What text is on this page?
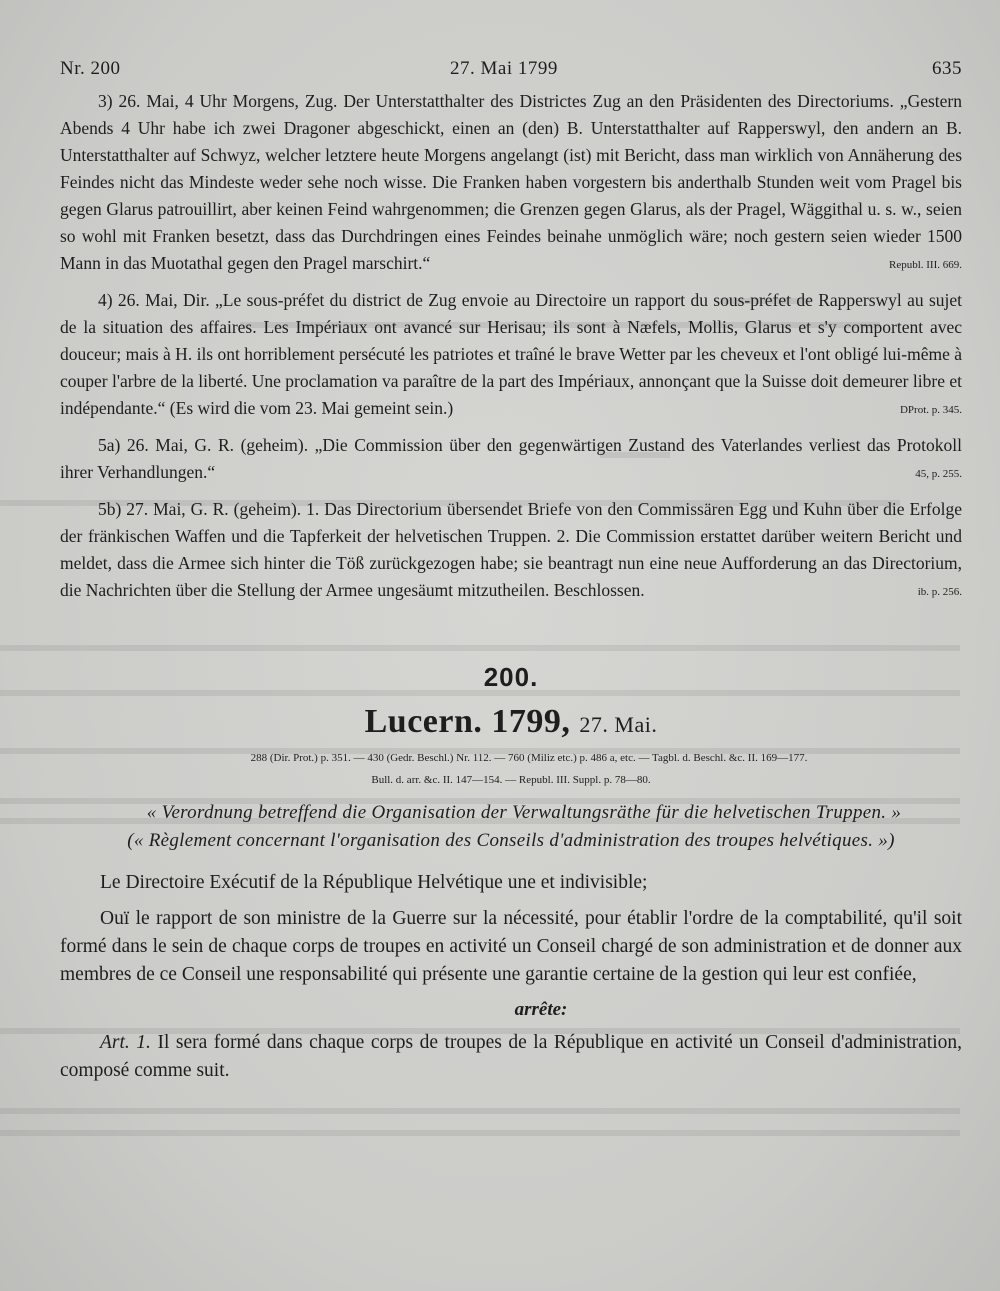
Nr. 200	27. Mai 1799	635

3) 26. Mai, 4 Uhr Morgens, Zug. Der Unterstatthalter des Districtes Zug an den Präsidenten des Directoriums. „Gestern Abends 4 Uhr habe ich zwei Dragoner abgeschickt, einen an (den) B. Unterstatthalter auf Rapperswyl, den andern an B. Unterstatthalter auf Schwyz, welcher letztere heute Morgens angelangt (ist) mit Bericht, dass man wirklich von Annäherung des Feindes nicht das Mindeste weder sehe noch wisse. Die Franken haben vorgestern bis anderthalb Stunden weit vom Pragel bis gegen Glarus patrouillirt, aber keinen Feind wahrgenommen; die Grenzen gegen Glarus, als der Pragel, Wäggithal u. s. w., seien so wohl mit Franken besetzt, dass das Durchdringen eines Feindes beinahe unmöglich wäre; noch gestern seien wieder 1500 Mann in das Muotathal gegen den Pragel marschirt.“	Republ. III. 669.

4) 26. Mai, Dir. „Le sous-préfet du district de Zug envoie au Directoire un rapport du sous-préfet de Rapperswyl au sujet de la situation des affaires. Les Impériaux ont avancé sur Herisau; ils sont à Næfels, Mollis, Glarus et s'y comportent avec douceur; mais à H. ils ont horriblement persécuté les patriotes et traîné le brave Wetter par les cheveux et l'ont obligé lui-même à couper l'arbre de la liberté. Une proclamation va paraître de la part des Impériaux, annonçant que la Suisse doit demeurer libre et indépendante.“ (Es wird die vom 23. Mai gemeint sein.)	DProt. p. 345.

5a) 26. Mai, G. R. (geheim). „Die Commission über den gegenwärtigen Zustand des Vaterlandes verliest das Protokoll ihrer Verhandlungen.“	45, p. 255.

5b) 27. Mai, G. R. (geheim). 1. Das Directorium übersendet Briefe von den Commissären Egg und Kuhn über die Erfolge der fränkischen Waffen und die Tapferkeit der helvetischen Truppen. 2. Die Commission erstattet darüber weitern Bericht und meldet, dass die Armee sich hinter die Töß zurückgezogen habe; sie beantragt nun eine neue Aufforderung an das Directorium, die Nachrichten über die Stellung der Armee ungesäumt mitzutheilen. Beschlossen.	ib. p. 256.

200.
Lucern. 1799, 27. Mai.
288 (Dir. Prot.) p. 351. — 430 (Gedr. Beschl.) Nr. 112. — 760 (Miliz etc.) p. 486 a, etc. — Tagbl. d. Beschl. &c. II. 169—177.
Bull. d. arr. &c. II. 147—154. — Republ. III. Suppl. p. 78—80.
« Verordnung betreffend die Organisation der Verwaltungsräthe für die helvetischen Truppen. »
(« Règlement concernant l'organisation des Conseils d'administration des troupes helvétiques. »)

Le Directoire Exécutif de la République Helvétique une et indivisible;

Ouï le rapport de son ministre de la Guerre sur la nécessité, pour établir l'ordre de la comptabilité, qu'il soit formé dans le sein de chaque corps de troupes en activité un Conseil chargé de son administration et de donner aux membres de ce Conseil une responsabilité qui présente une garantie certaine de la gestion qui leur est confiée,

arrête:

Art. 1. Il sera formé dans chaque corps de troupes de la République en activité un Conseil d'administration, composé comme suit.
